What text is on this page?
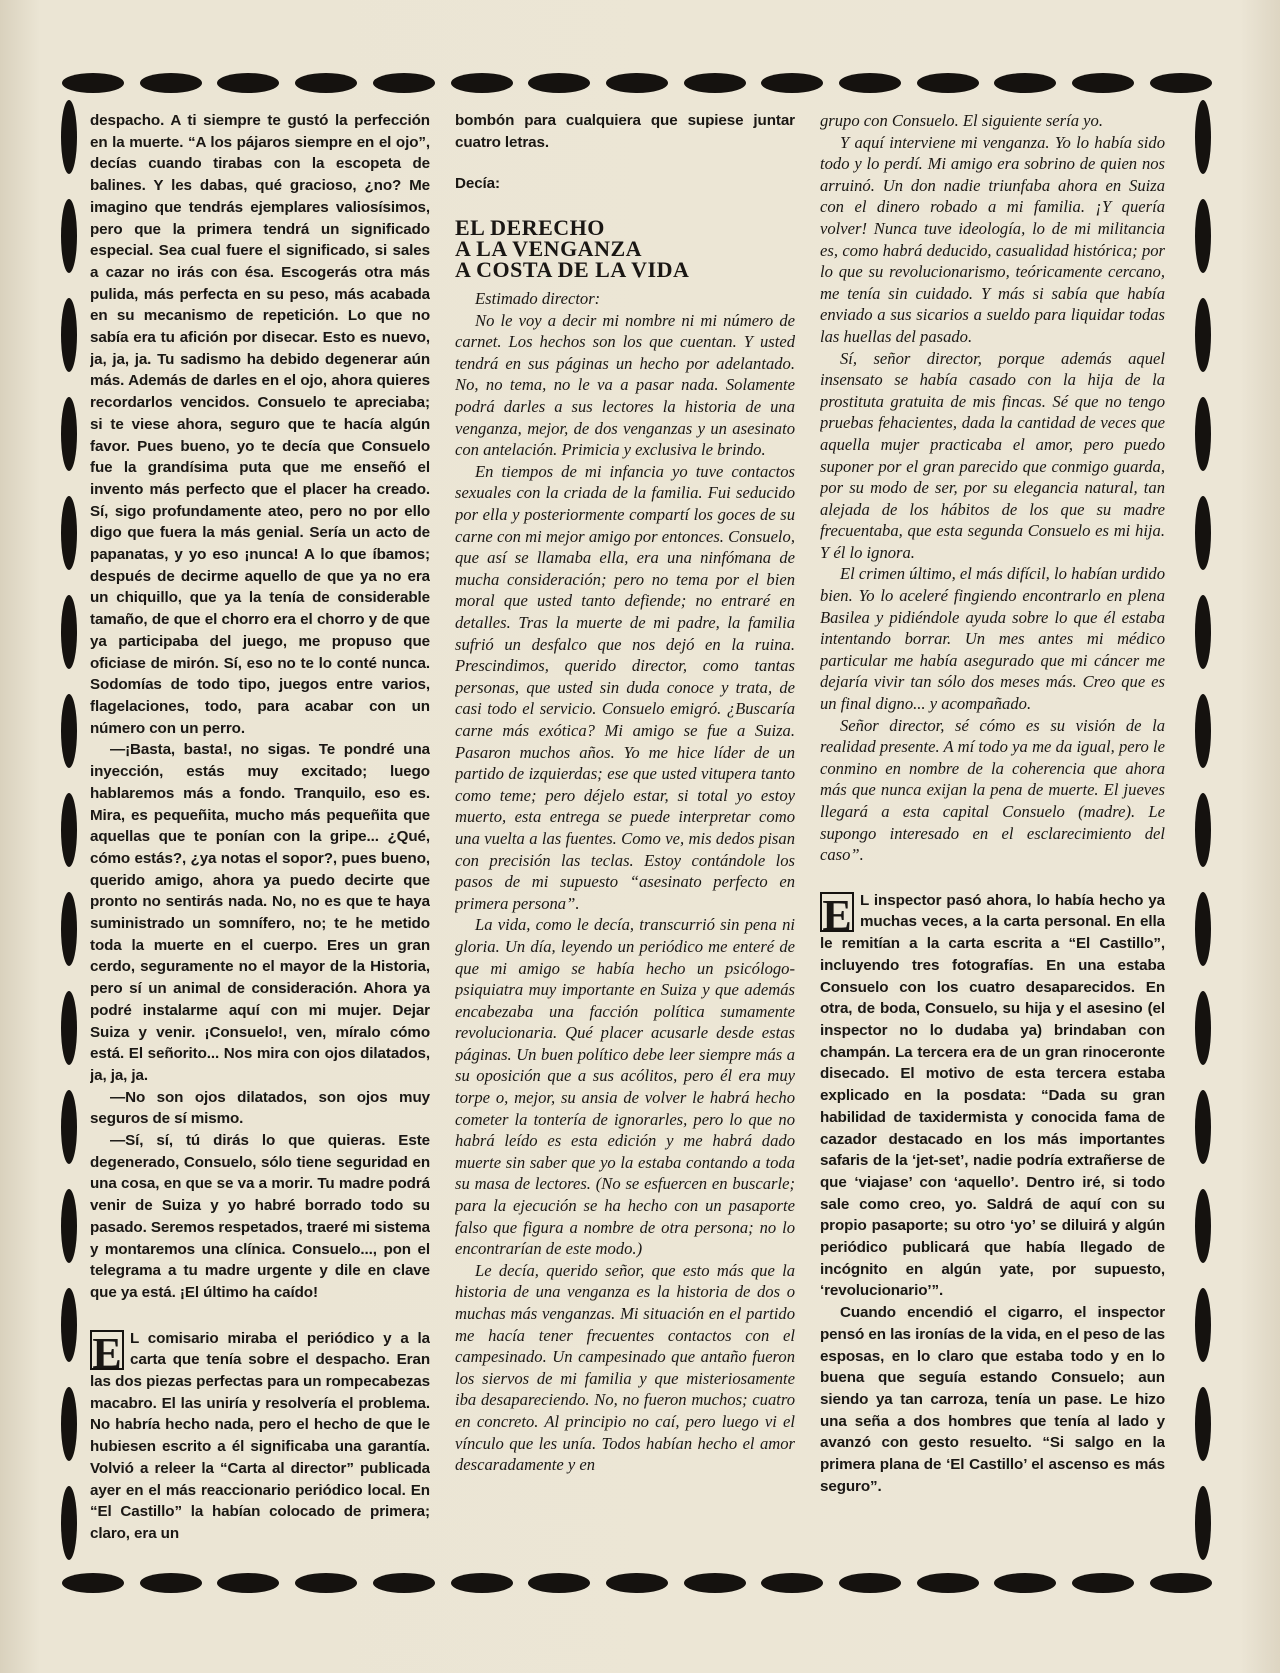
despacho. A ti siempre te gustó la perfección en la muerte. “A los pájaros siempre en el ojo”, decías cuando tirabas con la escopeta de balines. Y les dabas, qué gracioso, ¿no? Me imagino que tendrás ejemplares valiosísimos, pero que la primera tendrá un significado especial. Sea cual fuere el significado, si sales a cazar no irás con ésa. Escogerás otra más pulida, más perfecta en su peso, más acabada en su mecanismo de repetición. Lo que no sabía era tu afición por disecar. Esto es nuevo, ja, ja, ja. Tu sadismo ha debido degenerar aún más. Además de darles en el ojo, ahora quieres recordarlos vencidos. Consuelo te apreciaba; si te viese ahora, seguro que te hacía algún favor. Pues bueno, yo te decía que Consuelo fue la grandísima puta que me enseñó el invento más perfecto que el placer ha creado. Sí, sigo profundamente ateo, pero no por ello digo que fuera la más genial. Sería un acto de papanatas, y yo eso ¡nunca! A lo que íbamos; después de decirme aquello de que ya no era un chiquillo, que ya la tenía de considerable tamaño, de que el chorro era el chorro y de que ya participaba del juego, me propuso que oficiase de mirón. Sí, eso no te lo conté nunca. Sodomías de todo tipo, juegos entre varios, flagelaciones, todo, para acabar con un número con un perro.

—¡Basta, basta!, no sigas. Te pondré una inyección, estás muy excitado; luego hablaremos más a fondo. Tranquilo, eso es. Mira, es pequeñita, mucho más pequeñita que aquellas que te ponían con la gripe... ¿Qué, cómo estás?, ¿ya notas el sopor?, pues bueno, querido amigo, ahora ya puedo decirte que pronto no sentirás nada. No, no es que te haya suministrado un somnífero, no; te he metido toda la muerte en el cuerpo. Eres un gran cerdo, seguramente no el mayor de la Historia, pero sí un animal de consideración. Ahora ya podré instalarme aquí con mi mujer. Dejar Suiza y venir. ¡Consuelo!, ven, míralo cómo está. El señorito... Nos mira con ojos dilatados, ja, ja, ja.

—No son ojos dilatados, son ojos muy seguros de sí mismo.

—Sí, sí, tú dirás lo que quieras. Este degenerado, Consuelo, sólo tiene seguridad en una cosa, en que se va a morir. Tu madre podrá venir de Suiza y yo habré borrado todo su pasado. Seremos respetados, traeré mi sistema y montaremos una clínica. Consuelo..., pon el telegrama a tu madre urgente y dile en clave que ya está. ¡El último ha caído!

E L comisario miraba el periódico y a la carta que tenía sobre el despacho. Eran las dos piezas perfectas para un rompecabezas macabro. El las uniría y resolvería el problema. No habría hecho nada, pero el hecho de que le hubiesen escrito a él significaba una garantía. Volvió a releer la “Carta al director” publicada ayer en el más reaccionario periódico local. En “El Castillo” la habían colocado de primera; claro, era un

bombón para cualquiera que supiese juntar cuatro letras.

Decía:

EL DERECHO
A LA VENGANZA
A COSTA DE LA VIDA

Estimado director:

No le voy a decir mi nombre ni mi número de carnet. Los hechos son los que cuentan. Y usted tendrá en sus páginas un hecho por adelantado. No, no tema, no le va a pasar nada. Solamente podrá darles a sus lectores la historia de una venganza, mejor, de dos venganzas y un asesinato con antelación. Primicia y exclusiva le brindo.

En tiempos de mi infancia yo tuve contactos sexuales con la criada de la familia. Fui seducido por ella y posteriormente compartí los goces de su carne con mi mejor amigo por entonces. Consuelo, que así se llamaba ella, era una ninfómana de mucha consideración; pero no tema por el bien moral que usted tanto defiende; no entraré en detalles. Tras la muerte de mi padre, la familia sufrió un desfalco que nos dejó en la ruina. Prescindimos, querido director, como tantas personas, que usted sin duda conoce y trata, de casi todo el servicio. Consuelo emigró. ¿Buscaría carne más exótica? Mi amigo se fue a Suiza. Pasaron muchos años. Yo me hice líder de un partido de izquierdas; ese que usted vitupera tanto como teme; pero déjelo estar, si total yo estoy muerto, esta entrega se puede interpretar como una vuelta a las fuentes. Como ve, mis dedos pisan con precisión las teclas. Estoy contándole los pasos de mi supuesto “asesinato perfecto en primera persona”.

La vida, como le decía, transcurrió sin pena ni gloria. Un día, leyendo un periódico me enteré de que mi amigo se había hecho un psicólogo-psiquiatra muy importante en Suiza y que además encabezaba una facción política sumamente revolucionaria. Qué placer acusarle desde estas páginas. Un buen político debe leer siempre más a su oposición que a sus acólitos, pero él era muy torpe o, mejor, su ansia de volver le habrá hecho cometer la tontería de ignorarles, pero lo que no habrá leído es esta edición y me habrá dado muerte sin saber que yo la estaba contando a toda su masa de lectores. (No se esfuercen en buscarle; para la ejecución se ha hecho con un pasaporte falso que figura a nombre de otra persona; no lo encontrarían de este modo.)

Le decía, querido señor, que esto más que la historia de una venganza es la historia de dos o muchas más venganzas. Mi situación en el partido me hacía tener frecuentes contactos con el campesinado. Un campesinado que antaño fueron los siervos de mi familia y que misteriosamente iba desapareciendo. No, no fueron muchos; cuatro en concreto. Al principio no caí, pero luego vi el vínculo que les unía. Todos habían hecho el amor descaradamente y en

grupo con Consuelo. El siguiente sería yo.

Y aquí interviene mi venganza. Yo lo había sido todo y lo perdí. Mi amigo era sobrino de quien nos arruinó. Un don nadie triunfaba ahora en Suiza con el dinero robado a mi familia. ¡Y quería volver! Nunca tuve ideología, lo de mi militancia es, como habrá deducido, casualidad histórica; por lo que su revolucionarismo, teóricamente cercano, me tenía sin cuidado. Y más si sabía que había enviado a sus sicarios a sueldo para liquidar todas las huellas del pasado.

Sí, señor director, porque además aquel insensato se había casado con la hija de la prostituta gratuita de mis fincas. Sé que no tengo pruebas fehacientes, dada la cantidad de veces que aquella mujer practicaba el amor, pero puedo suponer por el gran parecido que conmigo guarda, por su modo de ser, por su elegancia natural, tan alejada de los hábitos de los que su madre frecuentaba, que esta segunda Consuelo es mi hija. Y él lo ignora.

El crimen último, el más difícil, lo habían urdido bien. Yo lo aceleré fingiendo encontrarlo en plena Basilea y pidiéndole ayuda sobre lo que él estaba intentando borrar. Un mes antes mi médico particular me había asegurado que mi cáncer me dejaría vivir tan sólo dos meses más. Creo que es un final digno... y acompañado.

Señor director, sé cómo es su visión de la realidad presente. A mí todo ya me da igual, pero le conmino en nombre de la coherencia que ahora más que nunca exijan la pena de muerte. El jueves llegará a esta capital Consuelo (madre). Le supongo interesado en el esclarecimiento del caso”.

E L inspector pasó ahora, lo había hecho ya muchas veces, a la carta personal. En ella le remitían a la carta escrita a “El Castillo”, incluyendo tres fotografías. En una estaba Consuelo con los cuatro desaparecidos. En otra, de boda, Consuelo, su hija y el asesino (el inspector no lo dudaba ya) brindaban con champán. La tercera era de un gran rinoceronte disecado. El motivo de esta tercera estaba explicado en la posdata: “Dada su gran habilidad de taxidermista y conocida fama de cazador destacado en los más importantes safaris de la ‘jet-set’, nadie podría extrañerse de que ‘viajase’ con ‘aquello’. Dentro iré, si todo sale como creo, yo. Saldrá de aquí con su propio pasaporte; su otro ‘yo’ se diluirá y algún periódico publicará que había llegado de incógnito en algún yate, por supuesto, ‘revolucionario’”.

Cuando encendió el cigarro, el inspector pensó en las ironías de la vida, en el peso de las esposas, en lo claro que estaba todo y en lo buena que seguía estando Consuelo; aun siendo ya tan carroza, tenía un pase. Le hizo una seña a dos hombres que tenía al lado y avanzó con gesto resuelto. “Si salgo en la primera plana de ‘El Castillo’ el ascenso es más seguro”.
